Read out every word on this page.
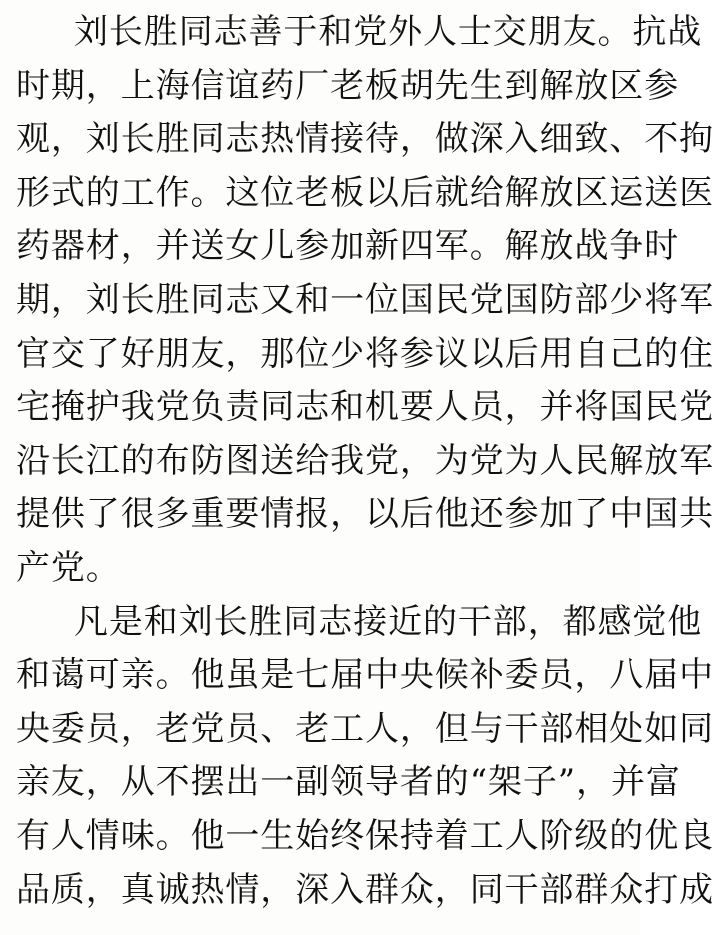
刘长胜同志善于和党外人士交朋友。抗战
时期，上海信谊药厂老板胡先生到解放区参
观，刘长胜同志热情接待，做深入细致、不拘
形式的工作。这位老板以后就给解放区运送医
药器材，并送女儿参加新四军。解放战争时
期，刘长胜同志又和一位国民党国防部少将军
官交了好朋友，那位少将参议以后用自己的住
宅掩护我党负责同志和机要人员，并将国民党
沿长江的布防图送给我党，为党为人民解放军
提供了很多重要情报，以后他还参加了中国共
产党。
凡是和刘长胜同志接近的干部，都感觉他
和蔼可亲。他虽是七届中央候补委员，八届中
央委员，老党员、老工人，但与干部相处如同
亲友，从不摆出一副领导者的“架子”，并富
有人情味。他一生始终保持着工人阶级的优良
品质，真诚热情，深入群众，同干部群众打成
